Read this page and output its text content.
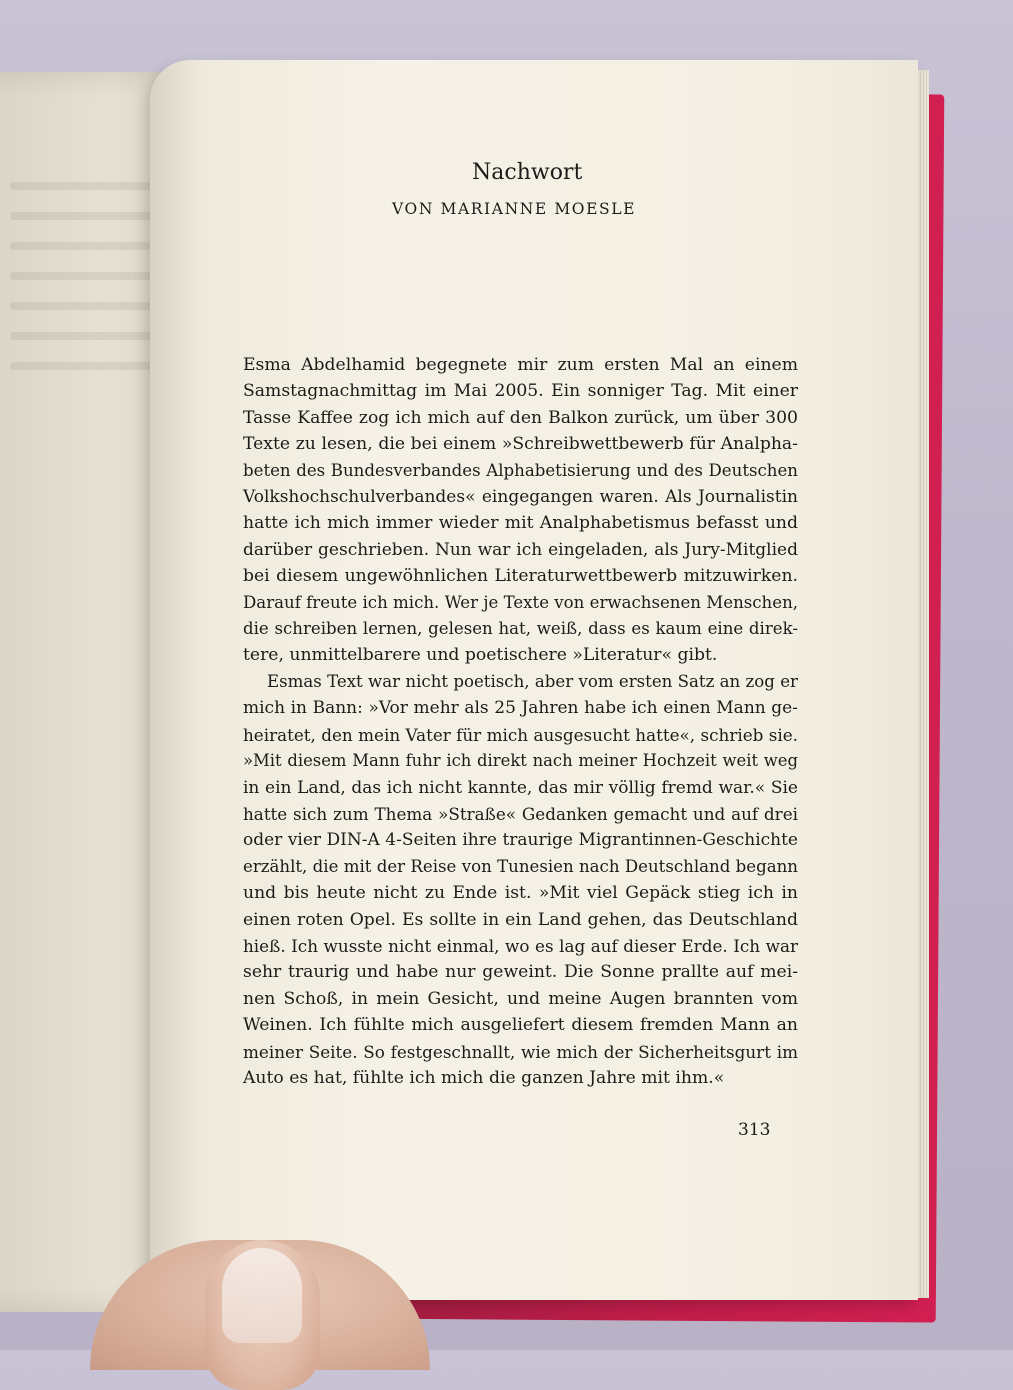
Nachwort
VON MARIANNE MOESLE
Esma Abdelhamid begegnete mir zum ersten Mal an einem
Samstagnachmittag im Mai 2005. Ein sonniger Tag. Mit einer
Tasse Kaffee zog ich mich auf den Balkon zurück, um über 300
Texte zu lesen, die bei einem »Schreibwettbewerb für Analpha-
beten des Bundesverbandes Alphabetisierung und des Deutschen
Volkshochschulverbandes« eingegangen waren. Als Journalistin
hatte ich mich immer wieder mit Analphabetismus befasst und
darüber geschrieben. Nun war ich eingeladen, als Jury-Mitglied
bei diesem ungewöhnlichen Literaturwettbewerb mitzuwirken.
Darauf freute ich mich. Wer je Texte von erwachsenen Menschen,
die schreiben lernen, gelesen hat, weiß, dass es kaum eine direk-
tere, unmittelbarere und poetischere »Literatur« gibt.
Esmas Text war nicht poetisch, aber vom ersten Satz an zog er
mich in Bann: »Vor mehr als 25 Jahren habe ich einen Mann ge-
heiratet, den mein Vater für mich ausgesucht hatte«, schrieb sie.
»Mit diesem Mann fuhr ich direkt nach meiner Hochzeit weit weg
in ein Land, das ich nicht kannte, das mir völlig fremd war.« Sie
hatte sich zum Thema »Straße« Gedanken gemacht und auf drei
oder vier DIN-A 4-Seiten ihre traurige Migrantinnen-Geschichte
erzählt, die mit der Reise von Tunesien nach Deutschland begann
und bis heute nicht zu Ende ist. »Mit viel Gepäck stieg ich in
einen roten Opel. Es sollte in ein Land gehen, das Deutschland
hieß. Ich wusste nicht einmal, wo es lag auf dieser Erde. Ich war
sehr traurig und habe nur geweint. Die Sonne prallte auf mei-
nen Schoß, in mein Gesicht, und meine Augen brannten vom
Weinen. Ich fühlte mich ausgeliefert diesem fremden Mann an
meiner Seite. So festgeschnallt, wie mich der Sicherheitsgurt im
Auto es hat, fühlte ich mich die ganzen Jahre mit ihm.«
313
